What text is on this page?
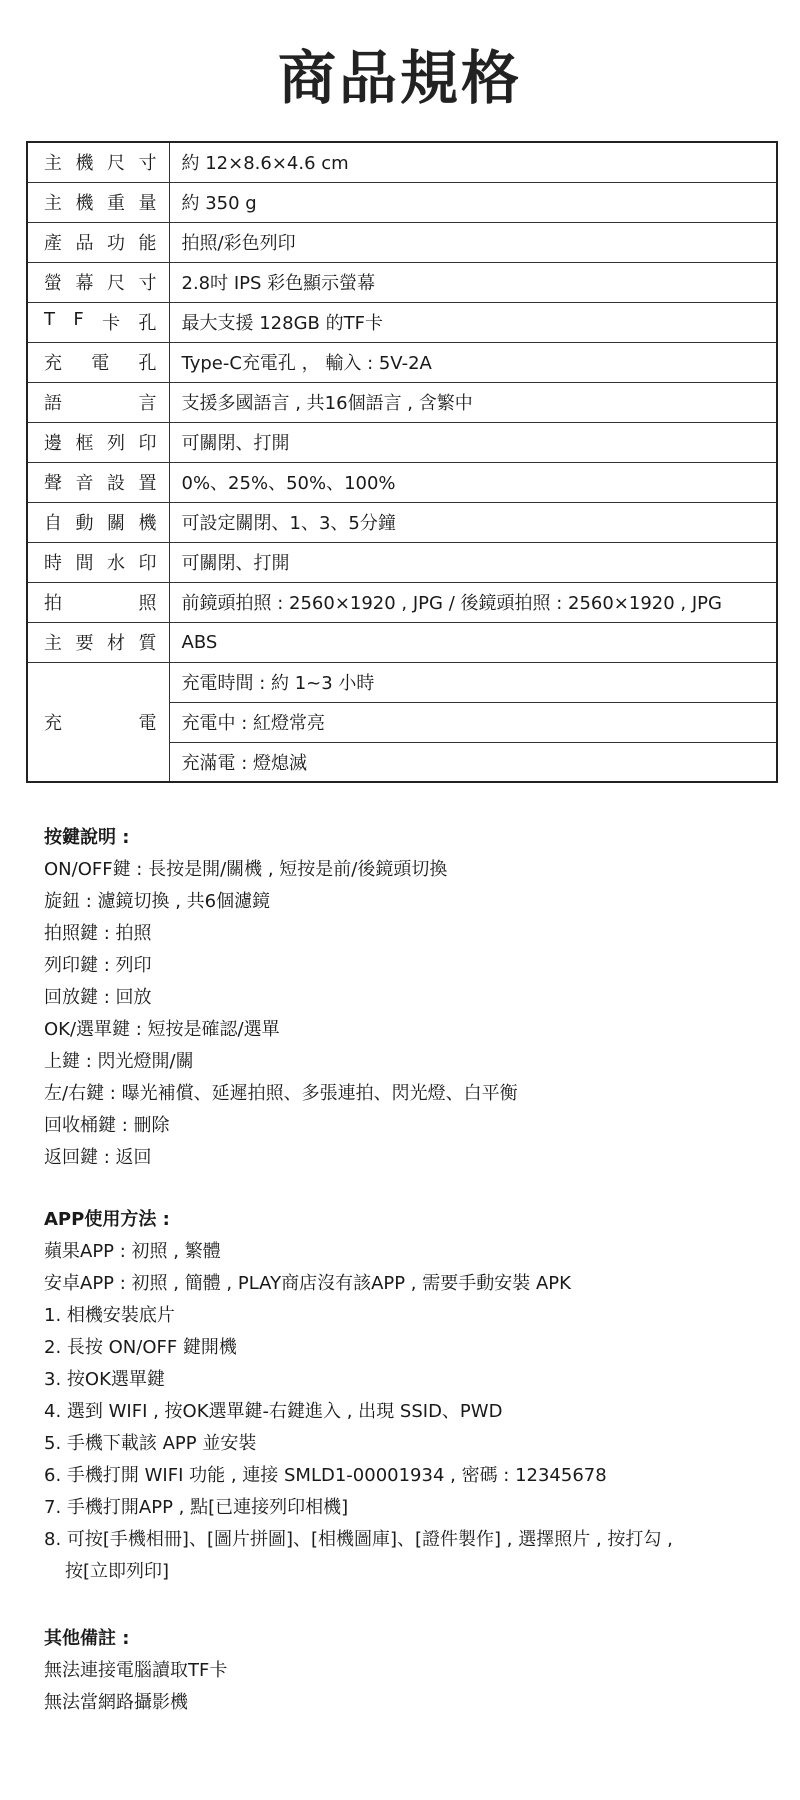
商品規格
主 機 尺 寸	約 12×8.6×4.6 cm

主 機 重 量	約 350 g

產 品 功 能	拍照/彩色列印

螢 幕 尺 寸	2.8吋 IPS 彩色顯示螢幕

T F 卡 孔	最大支援 128GB 的TF卡

充 電 孔	Type-C充電孔 ， 輸入 : 5V-2A

語 言	支援多國語言 , 共16個語言 , 含繁中

邊 框 列 印	可關閉、打開

聲 音 設 置	0%、25%、50%、100%

自 動 關 機	可設定關閉、1、3、5分鐘

時 間 水 印	可關閉、打開

拍 照	前鏡頭拍照 : 2560×1920 , JPG / 後鏡頭拍照 : 2560×1920 , JPG

主 要 材 質	ABS

充 電	充電時間 : 約 1~3 小時
	充電中 : 紅燈常亮
	充滿電 : 燈熄滅
按鍵說明 :
ON/OFF鍵 : 長按是開/關機 , 短按是前/後鏡頭切換
旋鈕 : 濾鏡切換 , 共6個濾鏡
拍照鍵 : 拍照
列印鍵 : 列印
回放鍵 : 回放
OK/選單鍵 : 短按是確認/選單
上鍵 : 閃光燈開/關
左/右鍵 : 曝光補償、延遲拍照、多張連拍、閃光燈、白平衡
回收桶鍵 : 刪除
返回鍵 : 返回
APP使用方法 :
蘋果APP : 初照 , 繁體
安卓APP : 初照 , 簡體 , PLAY商店沒有該APP , 需要手動安裝 APK
1. 相機安裝底片
2. 長按 ON/OFF 鍵開機
3. 按OK選單鍵
4. 選到 WIFI , 按OK選單鍵-右鍵進入 , 出現 SSID、PWD
5. 手機下載該 APP 並安裝
6. 手機打開 WIFI 功能 , 連接 SMLD1-00001934 , 密碼 : 12345678
7. 手機打開APP , 點[已連接列印相機]
8. 可按[手機相冊]、[圖片拼圖]、[相機圖庫]、[證件製作] , 選擇照片 , 按打勾 ,
按[立即列印]
其他備註 :
無法連接電腦讀取TF卡
無法當網路攝影機
